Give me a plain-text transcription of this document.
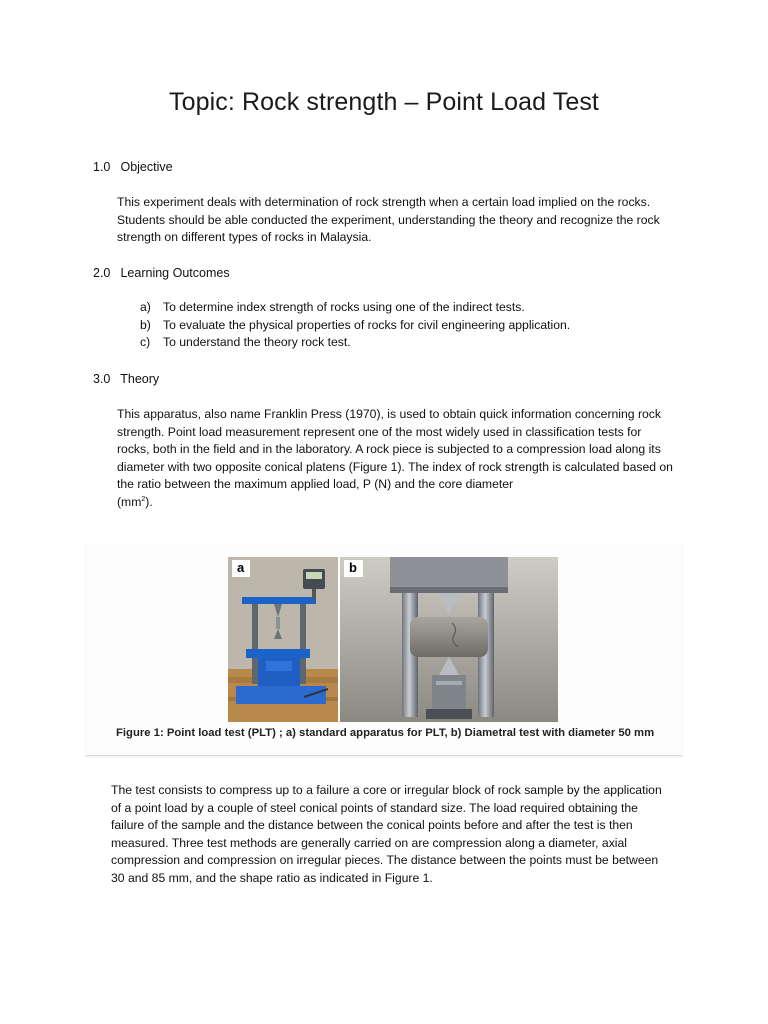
Topic: Rock strength – Point Load Test
1.0 Objective
This experiment deals with determination of rock strength when a certain load implied on the rocks. Students should be able conducted the experiment, understanding the theory and recognize the rock strength on different types of rocks in Malaysia.
2.0 Learning Outcomes
a) To determine index strength of rocks using one of the indirect tests.
b) To evaluate the physical properties of rocks for civil engineering application.
c)	To understand the theory rock test.
3.0 Theory
This apparatus, also name Franklin Press (1970), is used to obtain quick information concerning rock strength. Point load measurement represent one of the most widely used in classification tests for rocks, both in the field and in the laboratory. A rock piece is subjected to a compression load along its diameter with two opposite conical platens (Figure 1). The index of rock strength is calculated based on the ratio between the maximum applied load, P (N) and the core diameter
$(mm^2)$.
a	b
Figure 1: Point load test (PLT) ; a) standard apparatus for PLT, b) Diametral test with diameter 50 mm
The test consists to compress up to a failure a core or irregular block of rock sample by the application of a point load by a couple of steel conical points of standard size. The load required obtaining the failure of the sample and the distance between the conical points before and after the test is then measured. Three test methods are generally carried on are compression along a diameter, axial compression and compression on irregular pieces. The distance between the points must be between 30 and 85 mm, and the shape ratio as indicated in Figure 1.
